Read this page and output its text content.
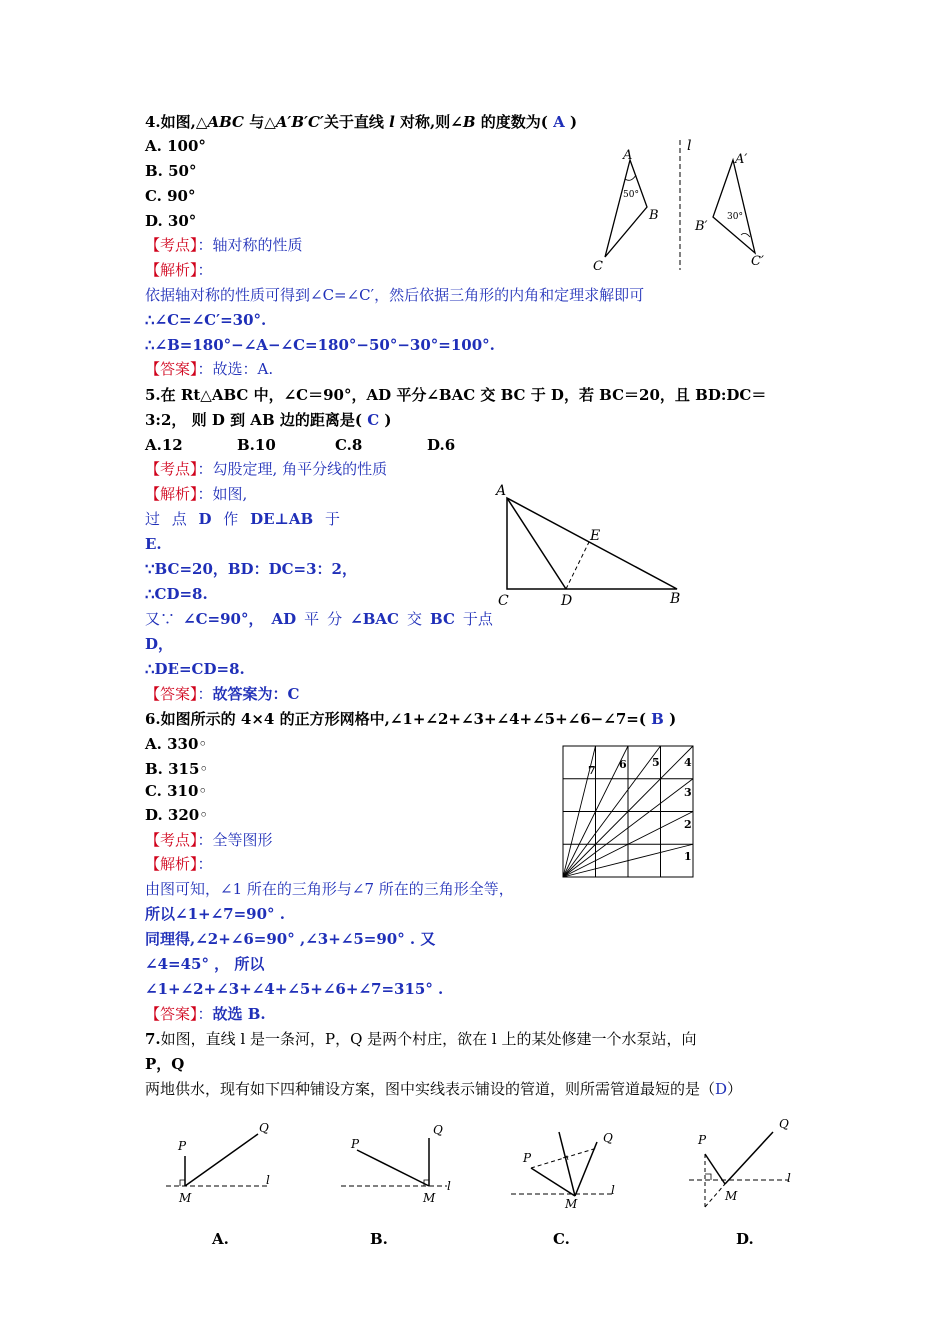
4.如图,△ABC 与△A′B′C′关于直线 l 对称,则∠B 的度数为( A )
A. 100°
B. 50°
C. 90°
D. 30°
【考点】：轴对称的性质
【解析】：
依据轴对称的性质可得到∠C=∠C′，然后依据三角形的内角和定理求解即可
∴∠C=∠C′=30°.
∴∠B=180°−∠A−∠C=180°−50°−30°=100°.
【答案】：故选：A.
l
A
B
C
50°
A′
B′
C′
30°
5.在 Rt△ABC 中，∠C＝90°，AD 平分∠BAC 交 BC 于 D，若 BC＝20，且 BD:DC＝
3:2， 则 D 到 AB 边的距离是( C )
A.12	B.10	C.8	D.6
【考点】：勾股定理, 角平分线的性质
【解析】：如图,
过 点 D 作 DE⊥AB 于
E.
∵BC=20，BD：DC=3：2，
∴CD=8.
又∵ ∠C=90°， AD 平 分 ∠BAC 交 BC 于点
D，
∴DE=CD=8.
【答案】：故答案为：C
A
C	D	B
E
6.如图所示的 4×4 的正方形网格中,∠1+∠2+∠3+∠4+∠5+∠6−∠7=( B )
A. 330◦
B. 315◦
C. 310◦
D. 320◦
【考点】：全等图形
【解析】：
由图可知，∠1 所在的三角形与∠7 所在的三角形全等，
所以∠1+∠7=90° .
同理得,∠2+∠6=90° ,∠3+∠5=90° . 又
∠4=45° ， 所以
∠1+∠2+∠3+∠4+∠5+∠6+∠7=315° .
【答案】：故选 B.
1
2
3
4
5
6
7
7.如图，直线 l 是一条河，P，Q 是两个村庄，欲在 l 上的某处修建一个水泵站，向
P，Q
两地供水，现有如下四种铺设方案，图中实线表示铺设的管道，则所需管道最短的是（D）
P
Q
M
l
P
Q
M
l
P
Q
M
l
P
Q
M
l
A.	B.	C.	D.
